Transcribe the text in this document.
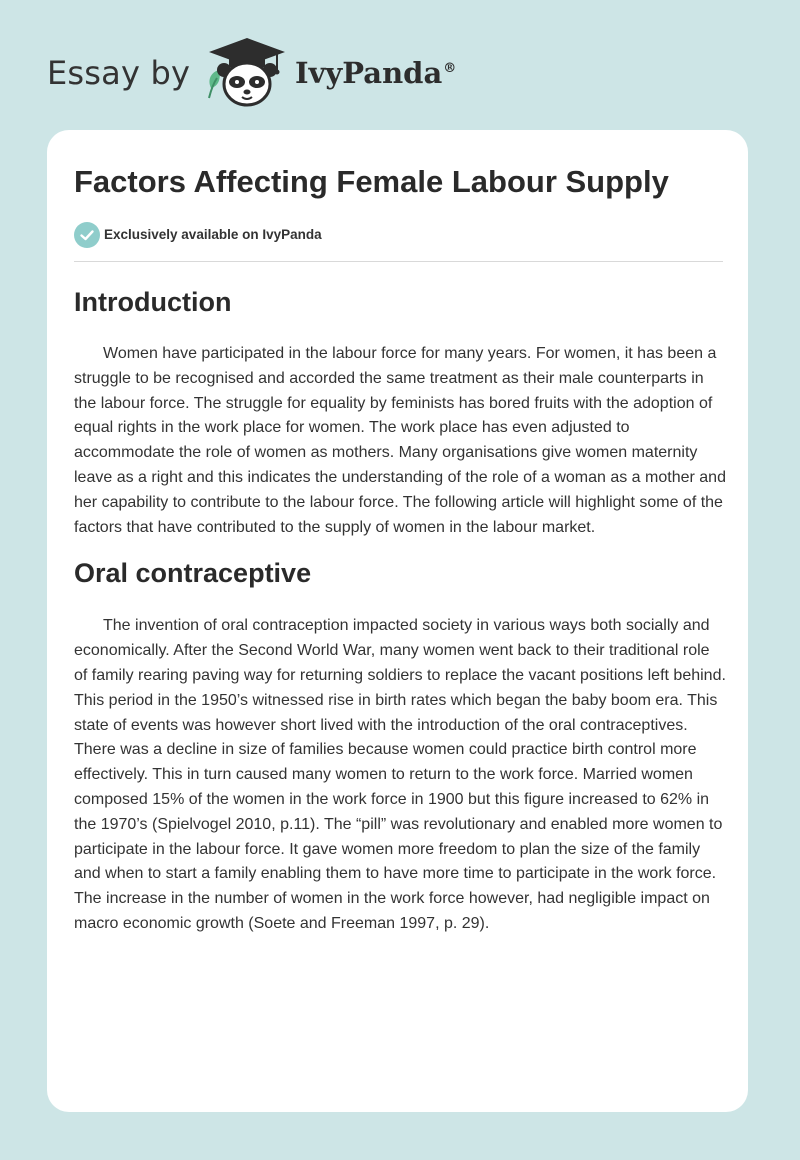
Essay by	IvyPanda®
Factors Affecting Female Labour Supply
Exclusively available on IvyPanda
Introduction

Women have participated in the labour force for many years. For women, it has been a struggle to be recognised and accorded the same treatment as their male counterparts in the labour force. The struggle for equality by feminists has bored fruits with the adoption of equal rights in the work place for women. The work place has even adjusted to accommodate the role of women as mothers. Many organisations give women maternity leave as a right and this indicates the understanding of the role of a woman as a mother and her capability to contribute to the labour force. The following article will highlight some of the factors that have contributed to the supply of women in the labour market.

Oral contraceptive

The invention of oral contraception impacted society in various ways both socially and economically. After the Second World War, many women went back to their traditional role of family rearing paving way for returning soldiers to replace the vacant positions left behind. This period in the 1950’s witnessed rise in birth rates which began the baby boom era. This state of events was however short lived with the introduction of the oral contraceptives. There was a decline in size of families because women could practice birth control more effectively. This in turn caused many women to return to the work force. Married women composed 15% of the women in the work force in 1900 but this figure increased to 62% in the 1970’s (Spielvogel 2010, p.11). The “pill” was revolutionary and enabled more women to participate in the labour force. It gave women more freedom to plan the size of the family and when to start a family enabling them to have more time to participate in the work force. The increase in the number of women in the work force however, had negligible impact on macro economic growth (Soete and Freeman 1997, p. 29).
